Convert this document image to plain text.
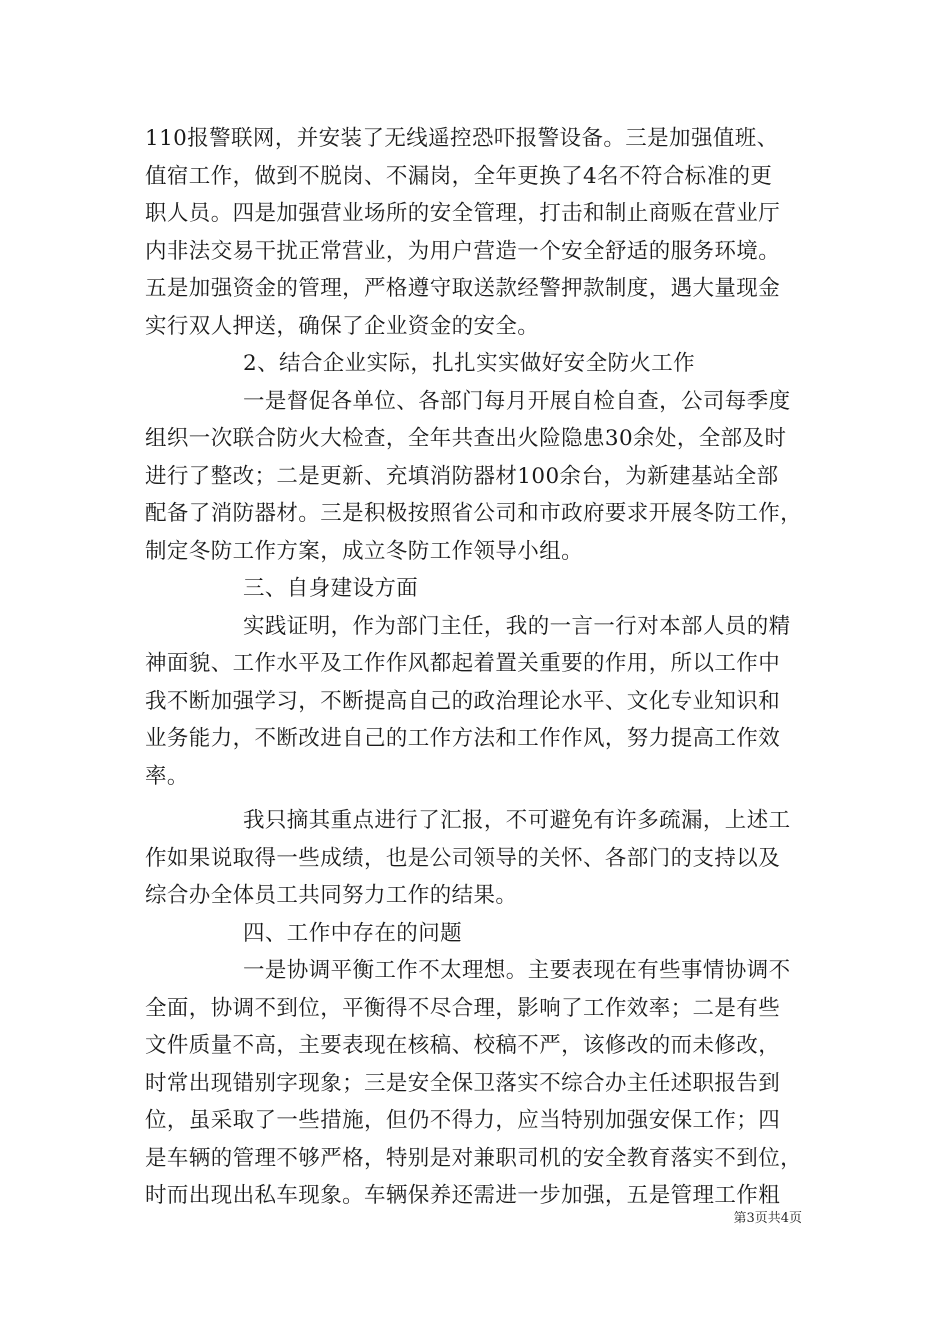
110报警联网，并安装了无线遥控恐吓报警设备。三是加强值班、
值宿工作，做到不脱岗、不漏岗，全年更换了4名不符合标准的更
职人员。四是加强营业场所的安全管理，打击和制止商贩在营业厅
内非法交易干扰正常营业，为用户营造一个安全舒适的服务环境。
五是加强资金的管理，严格遵守取送款经警押款制度，遇大量现金
实行双人押送，确保了企业资金的安全。
2、结合企业实际，扎扎实实做好安全防火工作
一是督促各单位、各部门每月开展自检自查，公司每季度
组织一次联合防火大检查，全年共查出火险隐患30余处，全部及时
进行了整改；二是更新、充填消防器材100余台，为新建基站全部
配备了消防器材。三是积极按照省公司和市政府要求开展冬防工作，
制定冬防工作方案，成立冬防工作领导小组。
三、自身建设方面
实践证明，作为部门主任，我的一言一行对本部人员的精
神面貌、工作水平及工作作风都起着置关重要的作用，所以工作中
我不断加强学习，不断提高自己的政治理论水平、文化专业知识和
业务能力，不断改进自己的工作方法和工作作风，努力提高工作效
率。
我只摘其重点进行了汇报，不可避免有许多疏漏，上述工
作如果说取得一些成绩，也是公司领导的关怀、各部门的支持以及
综合办全体员工共同努力工作的结果。
四、工作中存在的问题
一是协调平衡工作不太理想。主要表现在有些事情协调不
全面，协调不到位，平衡得不尽合理，影响了工作效率；二是有些
文件质量不高，主要表现在核稿、校稿不严，该修改的而未修改，
时常出现错别字现象；三是安全保卫落实不综合办主任述职报告到
位，虽采取了一些措施，但仍不得力，应当特别加强安保工作；四
是车辆的管理不够严格，特别是对兼职司机的安全教育落实不到位，
时而出现出私车现象。车辆保养还需进一步加强，五是管理工作粗
第3页共4页
